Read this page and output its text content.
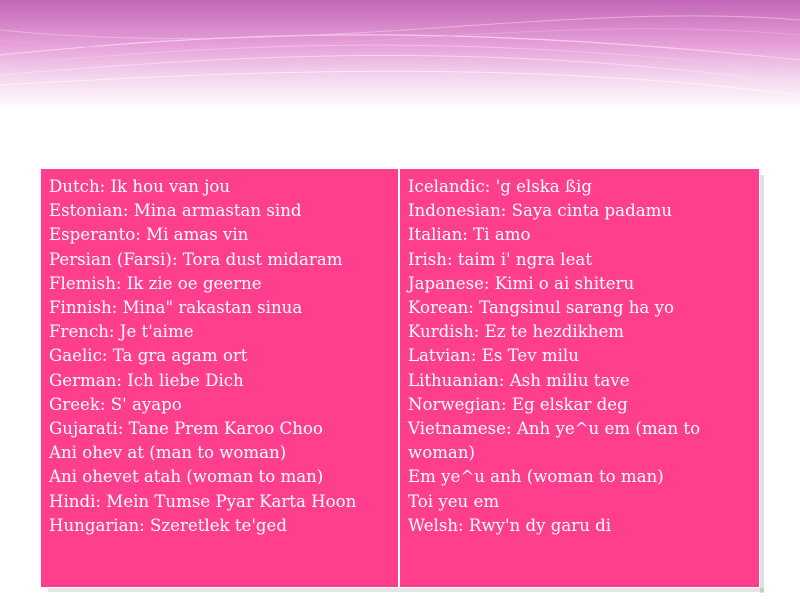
Dutch: Ik hou van jou
Estonian: Mina armastan sind
Esperanto: Mi amas vin
Persian (Farsi): Tora dust midaram
Flemish: Ik zie oe geerne
Finnish: Mina" rakastan sinua
French: Je t'aime
Gaelic: Ta gra agam ort
German: Ich liebe Dich
Greek: S' ayapo
Gujarati: Tane Prem Karoo Choo
Ani ohev at (man to woman)
Ani ohevet atah (woman to man)
Hindi: Mein Tumse Pyar Karta Hoon
Hungarian: Szeretlek te'ged
Icelandic: 'g elska ßig
Indonesian: Saya cinta padamu
Italian: Ti amo
Irish: taim i' ngra leat
Japanese: Kimi o ai shiteru
Korean: Tangsinul sarang ha yo
Kurdish: Ez te hezdikhem
Latvian: Es Tev milu
Lithuanian: Ash miliu tave
Norwegian: Eg elskar deg
Vietnamese: Anh ye^u em (man to
woman)
Em ye^u anh (woman to man)
Toi yeu em
Welsh: Rwy'n dy garu di
